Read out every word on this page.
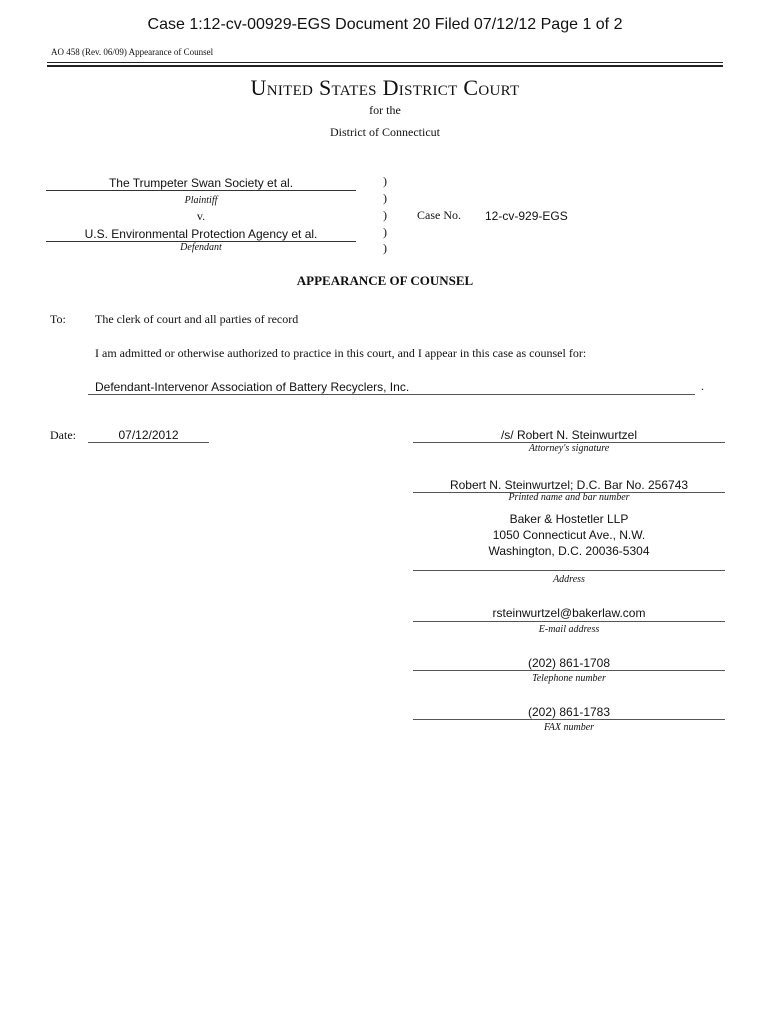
Case 1:12-cv-00929-EGS Document 20 Filed 07/12/12 Page 1 of 2
AO 458 (Rev. 06/09) Appearance of Counsel
United States District Court
for the
District of Connecticut
The Trumpeter Swan Society et al.
Plaintiff
v.
U.S. Environmental Protection Agency et al.
Defendant
)
)
)
)
)
Case No. 12-cv-929-EGS
APPEARANCE OF COUNSEL
To: The clerk of court and all parties of record
I am admitted or otherwise authorized to practice in this court, and I appear in this case as counsel for:
Defendant-Intervenor Association of Battery Recyclers, Inc.	.
Date:	07/12/2012	/s/ Robert N. Steinwurtzel
Attorney's signature
Robert N. Steinwurtzel; D.C. Bar No. 256743
Printed name and bar number
Baker & Hostetler LLP
1050 Connecticut Ave., N.W.
Washington, D.C. 20036-5304
Address
rsteinwurtzel@bakerlaw.com
E-mail address
(202) 861-1708
Telephone number
(202) 861-1783
FAX number
